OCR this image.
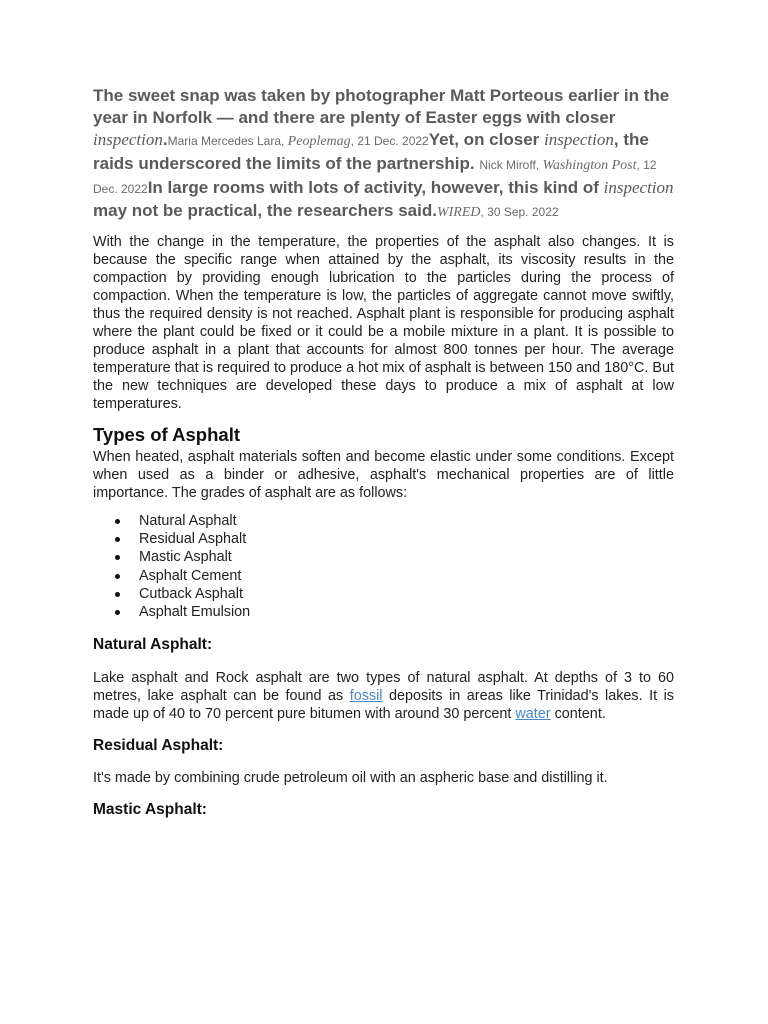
The sweet snap was taken by photographer Matt Porteous earlier in the year in Norfolk — and there are plenty of Easter eggs with closer inspection.Maria Mercedes Lara, Peoplemag, 21 Dec. 2022Yet, on closer inspection, the raids underscored the limits of the partnership. Nick Miroff, Washington Post, 12 Dec. 2022In large rooms with lots of activity, however, this kind of inspection may not be practical, the researchers said.WIRED, 30 Sep. 2022

With the change in the temperature, the properties of the asphalt also changes. It is because the specific range when attained by the asphalt, its viscosity results in the compaction by providing enough lubrication to the particles during the process of compaction. When the temperature is low, the particles of aggregate cannot move swiftly, thus the required density is not reached. Asphalt plant is responsible for producing asphalt where the plant could be fixed or it could be a mobile mixture in a plant. It is possible to produce asphalt in a plant that accounts for almost 800 tonnes per hour. The average temperature that is required to produce a hot mix of asphalt is between 150 and 180°C. But the new techniques are developed these days to produce a mix of asphalt at low temperatures.

Types of Asphalt

When heated, asphalt materials soften and become elastic under some conditions. Except when used as a binder or adhesive, asphalt's mechanical properties are of little importance. The grades of asphalt are as follows:

Natural Asphalt
Residual Asphalt
Mastic Asphalt
Asphalt Cement
Cutback Asphalt
Asphalt Emulsion
Natural Asphalt:

Lake asphalt and Rock asphalt are two types of natural asphalt. At depths of 3 to 60 metres, lake asphalt can be found as fossil deposits in areas like Trinidad's lakes. It is made up of 40 to 70 percent pure bitumen with around 30 percent water content.

Residual Asphalt:

It's made by combining crude petroleum oil with an aspheric base and distilling it.

Mastic Asphalt:
